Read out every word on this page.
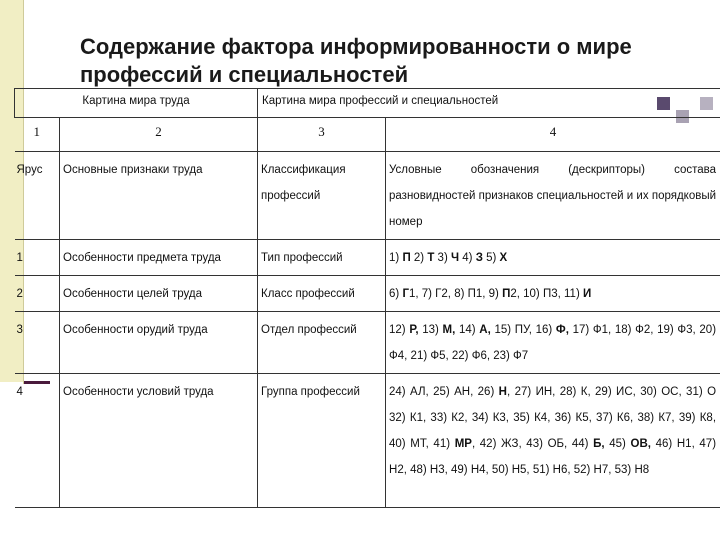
Содержание фактора информированности о мире профессий и специальностей
Картина мира труда		Картина мира профессий и специальностей	
1	2	3	4
Ярус	Основные признаки труда	Классификация профессий	Условные обозначения (дескрипторы) состава разновидностей признаков специальностей и их порядковый номер
1	Особенности предмета труда	Тип профессий	1) П 2) Т 3) Ч 4) З 5) Х
2	Особенности целей труда	Класс профессий	6) Г1, 7) Г2, 8) П1, 9) П2, 10) П3, 11) И
3	Особенности орудий труда	Отдел профессий	12) Р, 13) М, 14) А, 15) ПУ, 16) Ф, 17) Ф1, 18) Ф2, 19) Ф3, 20) Ф4, 21) Ф5, 22) Ф6, 23) Ф7
4	Особенности условий труда	Группа профессий	24) АЛ, 25) АН, 26) Н, 27) ИН, 28) К, 29) ИС, 30) ОС, 31) О 32) К1, 33) К2, 34) К3, 35) К4, 36) К5, 37) К6, 38) К7, 39) К8, 40) МТ, 41) МР, 42) ЖЗ, 43) ОБ, 44) Б, 45) ОВ, 46) Н1, 47) Н2, 48) Н3, 49) Н4, 50) Н5, 51) Н6, 52) Н7, 53) Н8
